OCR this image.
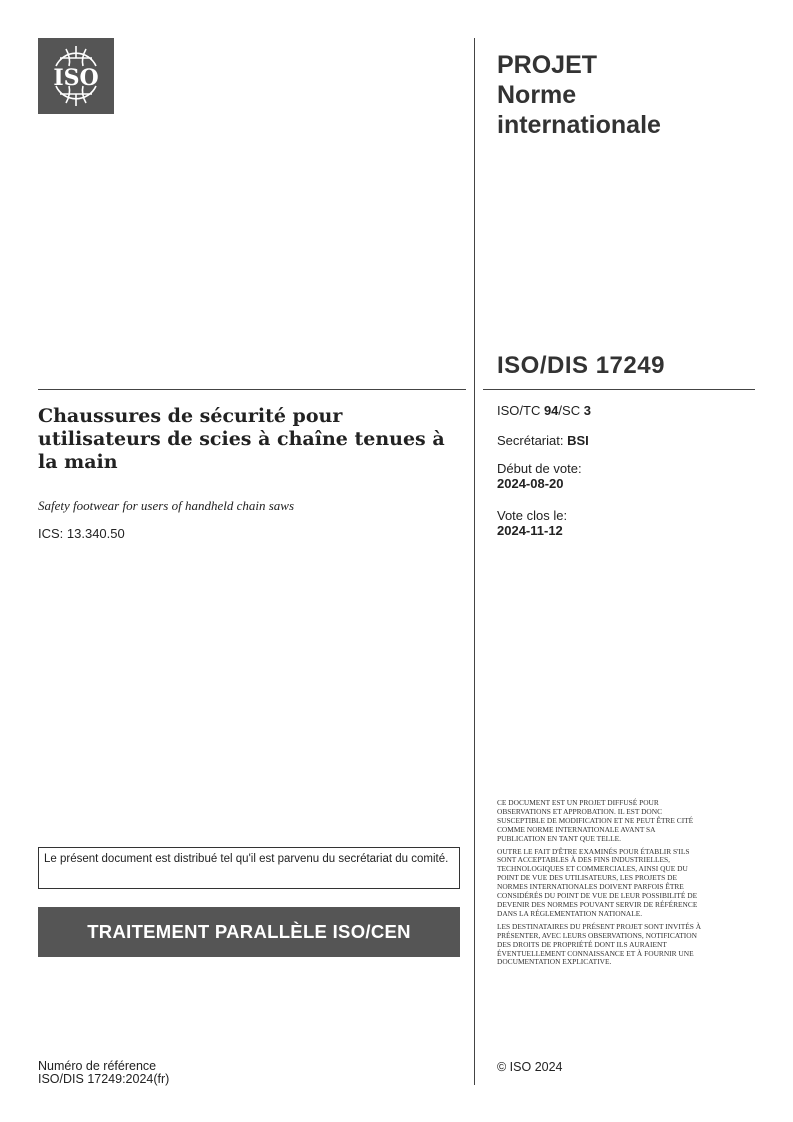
ISO	PROJET
Norme
internationale
ISO/DIS 17249
Chaussures de sécurité pour utilisateurs de scies à chaîne tenues à la main
Safety footwear for users of handheld chain saws
ICS: 13.340.50
ISO/TC 94/SC 3
Secrétariat: BSI
Début de vote:
2024-08-20
Vote clos le:
2024-11-12

CE DOCUMENT EST UN PROJET DIFFUSÉ POUR OBSERVATIONS ET APPROBATION. IL EST DONC SUSCEPTIBLE DE MODIFICATION ET NE PEUT ÊTRE CITÉ COMME NORME INTERNATIONALE AVANT SA PUBLICATION EN TANT QUE TELLE.

OUTRE LE FAIT D'ÊTRE EXAMINÉS POUR ÉTABLIR S'ILS SONT ACCEPTABLES À DES FINS INDUSTRIELLES, TECHNOLOGIQUES ET COMMERCIALES, AINSI QUE DU POINT DE VUE DES UTILISATEURS, LES PROJETS DE NORMES INTERNATIONALES DOIVENT PARFOIS ÊTRE CONSIDÉRÉS DU POINT DE VUE DE LEUR POSSIBILITÉ DE DEVENIR DES NORMES POUVANT SERVIR DE RÉFÉRENCE DANS LA RÉGLEMENTATION NATIONALE.

LES DESTINATAIRES DU PRÉSENT PROJET SONT INVITÉS À PRÉSENTER, AVEC LEURS OBSERVATIONS, NOTIFICATION DES DROITS DE PROPRIÉTÉ DONT ILS AURAIENT ÉVENTUELLEMENT CONNAISSANCE ET À FOURNIR UNE DOCUMENTATION EXPLICATIVE.

© ISO 2024
Le présent document est distribué tel qu'il est parvenu du secrétariat du comité.
TRAITEMENT PARALLÈLE ISO/CEN
Numéro de référence
ISO/DIS 17249:2024(fr)
